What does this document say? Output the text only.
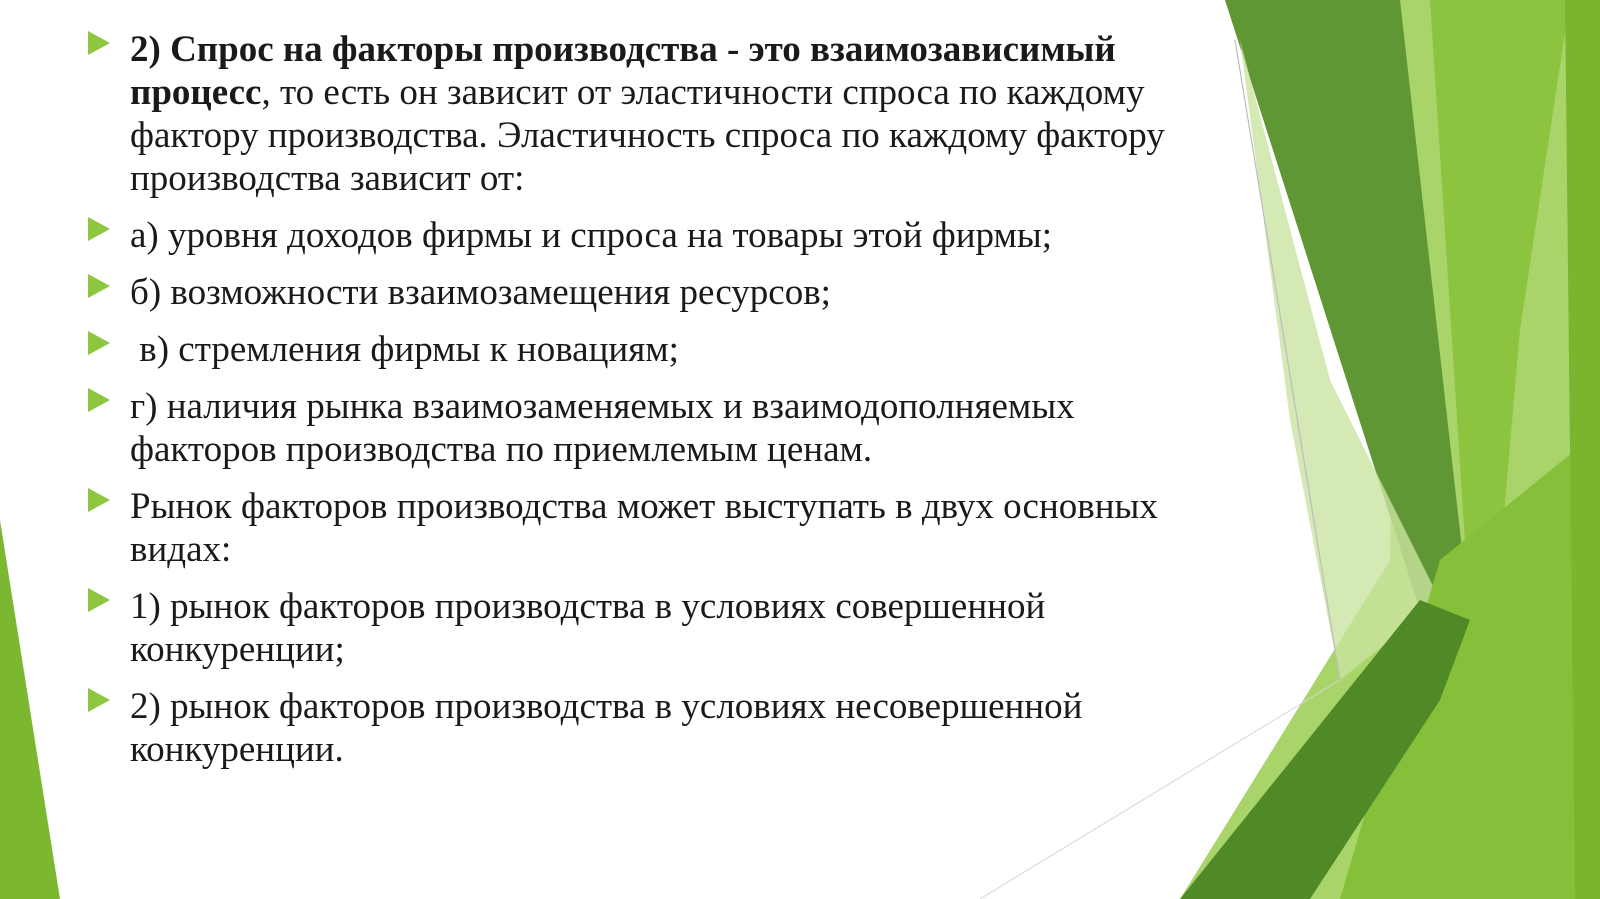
2) Спрос на факторы производства - это взаимозависимый процесс, то есть он зависит от эластичности спроса по каждому фактору производства. Эластичность спроса по каждому фактору производства зависит от:
а) уровня доходов фирмы и спроса на товары этой фирмы;
б) возможности взаимозамещения ресурсов;
в) стремления фирмы к новациям;
г) наличия рынка взаимозаменяемых и взаимодополняемых факторов производства по приемлемым ценам.
Рынок факторов производства может выступать в двух основных видах:
1) рынок факторов производства в условиях совершенной конкуренции;
2) рынок факторов производства в условиях несовершенной конкуренции.
